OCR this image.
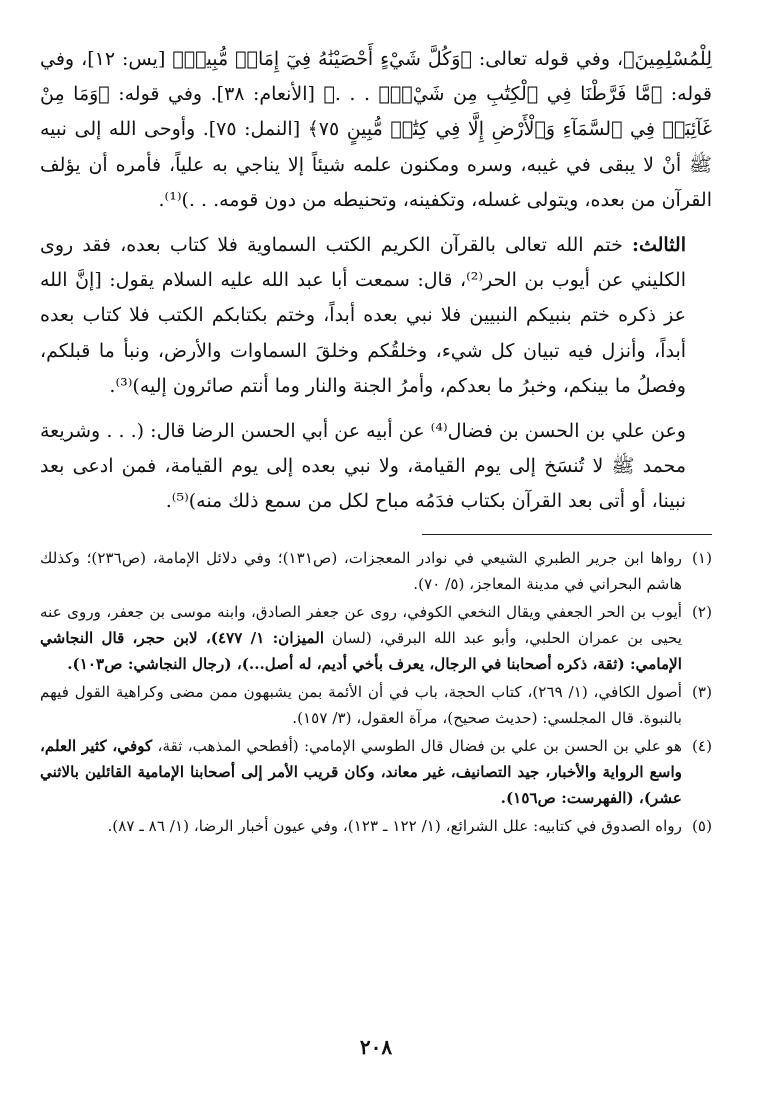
لِلْمُسْلِمِينَ﴾، وفي قوله تعالى: ﴿وَكُلَّ شَيْءٍ أَحْصَيْنَٰهُ فِيٓ إِمَامٖ مُّبِينٖ﴾ [يس: ١٢]، وفي قوله: ﴿مَّا فَرَّطْنَا فِي ٱلْكِتَٰبِ مِن شَيْءٖۚ . . .﴾ [الأنعام: ٣٨]. وفي قوله: ﴿وَمَا مِنْ غَآئِبَةٖ فِي ٱلسَّمَآءِ وَٱلْأَرْضِ إِلَّا فِي كِتَٰبٖ مُّبِينٍ ٧٥﴾ [النمل: ٧٥]. وأوحى الله إلى نبيه ﷺ أنْ لا يبقى في غيبه، وسره ومكنون علمه شيئاً إلا يناجي به علياً، فأمره أن يؤلف القرآن من بعده، ويتولى غسله، وتكفينه، وتحنيطه من دون قومه. . .)⁽¹⁾.

الثالث: ختم الله تعالى بالقرآن الكريم الكتب السماوية فلا كتاب بعده، فقد روى الكليني عن أيوب بن الحر⁽²⁾، قال: سمعت أبا عبد الله عليه السلام يقول: [إنَّ الله عز ذكره ختم بنبيكم النبيين فلا نبي بعده أبداً، وختم بكتابكم الكتب فلا كتاب بعده أبداً، وأنزل فيه تبيان كل شيء، وخلقُكم وخلقَ السماوات والأرض، ونبأ ما قبلكم، وفصلُ ما بينكم، وخبرُ ما بعدكم، وأمرُ الجنة والنار وما أنتم صائرون إليه)⁽³⁾.

وعن علي بن الحسن بن فضال⁽⁴⁾ عن أبيه عن أبي الحسن الرضا قال: (. . . وشريعة محمد ﷺ لا تُنسَخ إلى يوم القيامة، ولا نبي بعده إلى يوم القيامة، فمن ادعى بعد نبينا، أو أتى بعد القرآن بكتاب فدَمُه مباح لكل من سمع ذلك منه)⁽⁵⁾.

(١)
رواها ابن جرير الطبري الشيعي في نوادر المعجزات، (ص١٣١)؛ وفي دلائل الإمامة، (ص٢٣٦)؛ وكذلك هاشم البحراني في مدينة المعاجز، (٥/ ٧٠).
(٢)
أيوب بن الحر الجعفي ويقال النخعي الكوفي، روى عن جعفر الصادق، وابنه موسى بن جعفر، وروى عنه يحيى بن عمران الحلبي، وأبو عبد الله البرقي، (لسان الميزان: ١/ ٤٧٧)، لابن حجر، قال النجاشي الإمامي: (ثقة، ذكره أصحابنا في الرجال، يعرف بأخي أديم، له أصل...)، (رجال النجاشي: ص١٠٣).
(٣)
أصول الكافي، (١/ ٢٦٩)، كتاب الحجة، باب في أن الأئمة بمن يشبهون ممن مضى وكراهية القول فيهم بالنبوة. قال المجلسي: (حديث صحيح)، مرآة العقول، (٣/ ١٥٧).
(٤)
هو علي بن الحسن بن علي بن فضال قال الطوسي الإمامي: (أفطحي المذهب، ثقة، كوفي، كثير العلم، واسع الرواية والأخبار، جيد التصانيف، غير معاند، وكان قريب الأمر إلى أصحابنا الإمامية القائلين بالاثني عشر)، (الفهرست: ص١٥٦).
(٥)
رواه الصدوق في كتابيه: علل الشرائع، (١/ ١٢٢ ـ ١٢٣)، وفي عيون أخبار الرضا، (١/ ٨٦ ـ ٨٧).
٢٠٨
